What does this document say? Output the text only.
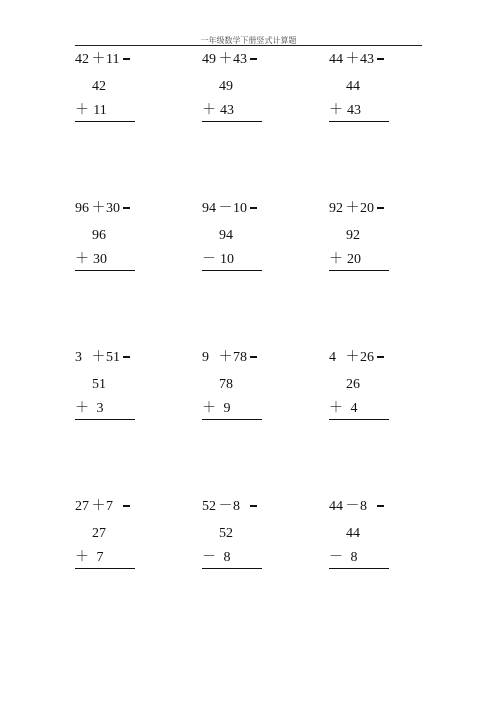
一年级数学下册竖式计算题
42 ＋11
42
＋ 11
49 ＋43
49
＋ 43
44 ＋43
44
＋ 43
96 ＋30
96
＋ 30
94 －10
94
－ 10
92 ＋20
92
＋ 20
3 ＋51
51
＋ 3
9 ＋78
78
＋ 9
4 ＋26
26
＋ 4
27 ＋7
27
＋ 7
52 －8
52
－ 8
44 －8
44
－ 8
